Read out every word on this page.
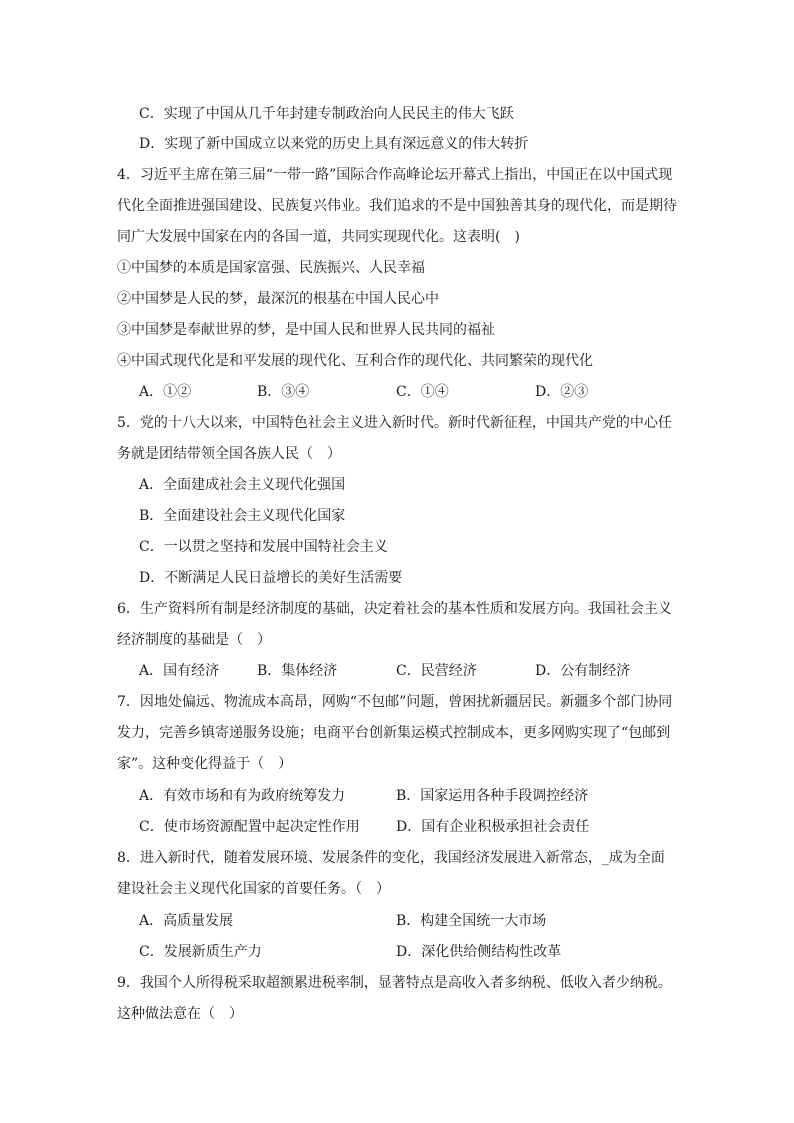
C．实现了中国从几千年封建专制政治向人民民主的伟大飞跃
D．实现了新中国成立以来党的历史上具有深远意义的伟大转折
4．习近平主席在第三届“一带一路”国际合作高峰论坛开幕式上指出，中国正在以中国式现
代化全面推进强国建设、民族复兴伟业。我们追求的不是中国独善其身的现代化，而是期待
同广大发展中国家在内的各国一道，共同实现现代化。这表明(　)
①中国梦的本质是国家富强、民族振兴、人民幸福
②中国梦是人民的梦，最深沉的根基在中国人民心中
③中国梦是奉献世界的梦，是中国人民和世界人民共同的福祉
④中国式现代化是和平发展的现代化、互利合作的现代化、共同繁荣的现代化
A．①②	B．③④	C．①④	D．②③
5．党的十八大以来，中国特色社会主义进入新时代。新时代新征程，中国共产党的中心任
务就是团结带领全国各族人民（　）
A．全面建成社会主义现代化强国
B．全面建设社会主义现代化国家
C．一以贯之坚持和发展中国特社会主义
D．不断满足人民日益增长的美好生活需要
6．生产资料所有制是经济制度的基础，决定着社会的基本性质和发展方向。我国社会主义
经济制度的基础是（　）
A．国有经济	B．集体经济	C．民营经济	D．公有制经济
7．因地处偏远、物流成本高昂，网购“不包邮”问题，曾困扰新疆居民。新疆多个部门协同
发力，完善乡镇寄递服务设施；电商平台创新集运模式控制成本，更多网购实现了“包邮到
家”。这种变化得益于（　）
A．有效市场和有为政府统筹发力	B．国家运用各种手段调控经济
C．使市场资源配置中起决定性作用	D．国有企业积极承担社会责任
8．进入新时代，随着发展环境、发展条件的变化，我国经济发展进入新常态，_成为全面
建设社会主义现代化国家的首要任务。（　）
A．高质量发展	B．构建全国统一大市场
C．发展新质生产力	D．深化供给侧结构性改革
9．我国个人所得税采取超额累进税率制，显著特点是高收入者多纳税、低收入者少纳税。
这种做法意在（　）
